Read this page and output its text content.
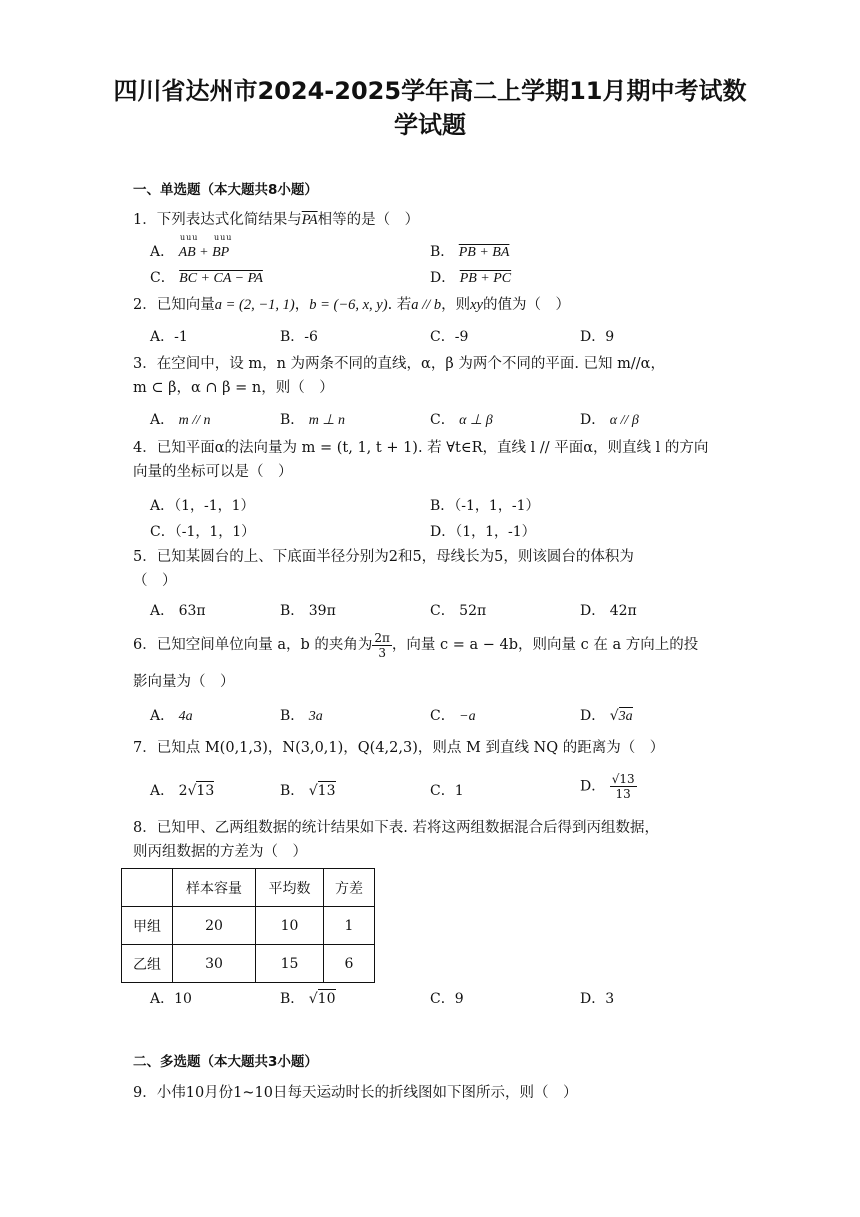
四川省达州市2024-2025学年高二上学期11月期中考试数
学试题
一、单选题（本大题共8小题）
1．下列表达式化简结果与$\overline{PA}$相等的是（　）
uuu uuu
A． AB + BP	B． PB + BA
C． BC + CA − PA	D． PB + PC
2．已知向量a = (2, −1, 1)，b = (−6, x, y). 若a // b，则xy的值为（　）
A．-1	B．-6	C．-9	D．9
3．在空间中，设 m，n 为两条不同的直线，α，β 为两个不同的平面. 已知 m//α，
m ⊂ β，α ∩ β = n，则（　）
A． m // n	B． m ⊥ n	C． α ⊥ β	D． α // β
4．已知平面α的法向量为 m = (t, 1, t + 1). 若 ∀t∈R，直线 l // 平面α，则直线 l 的方向
向量的坐标可以是（　）
A．（1，-1，1）	B．（-1，1，-1）
C．（-1，1，1）	D．（1，1，-1）
5．已知某圆台的上、下底面半径分别为2和5，母线长为5，则该圆台的体积为
（　）
A． 63π	B． 39π	C． 52π	D． 42π
6．已知空间单位向量 a，b 的夹角为 $\frac{2\pi}{3}$ ，向量 c = a − 4b，则向量 c 在 a 方向上的投
影向量为（　）
A． 4a	B． 3a	C． −a	D． √3a
7．已知点 M(0,1,3)，N(3,0,1)，Q(4,2,3)，则点 M 到直线 NQ 的距离为（　）
A． 2√13	B． √13	C．1	D． $\frac{√13}{13}$
8．已知甲、乙两组数据的统计结果如下表. 若将这两组数据混合后得到丙组数据，
则丙组数据的方差为（　）
	样本容量	平均数	方差
甲组	20	10	1
乙组	30	15	6
A．10	B． √10	C．9	D．3
二、多选题（本大题共3小题）
9．小伟10月份1~10日每天运动时长的折线图如下图所示，则（　）
